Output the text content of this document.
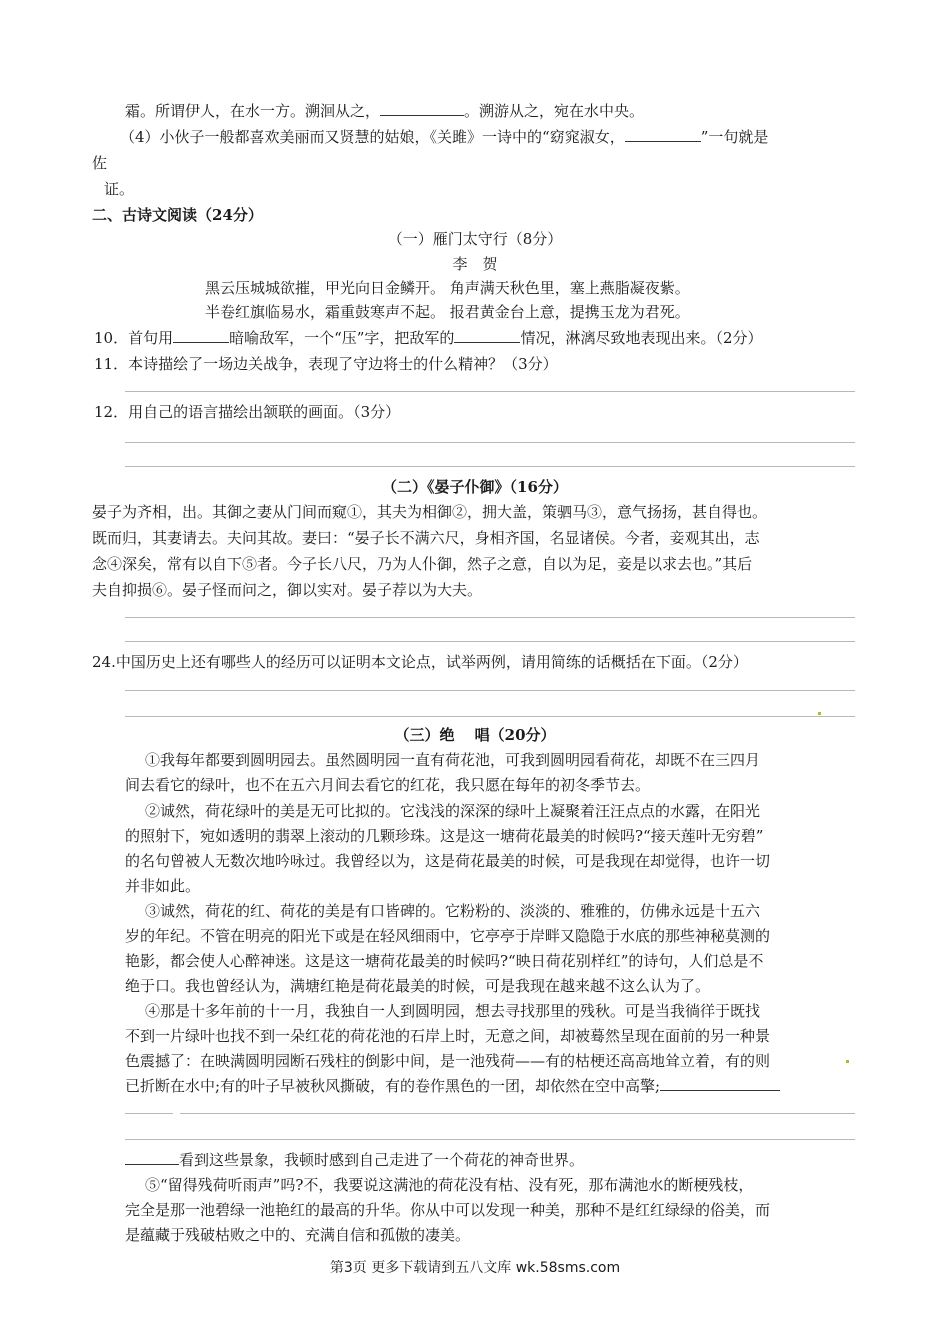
霜。所谓伊人，在水一方。溯洄从之，	。溯游从之，宛在水中央。
（4）小伙子一般都喜欢美丽而又贤慧的姑娘，《关雎》一诗中的“窈窕淑女，	”一句就是
佐
证。
二、古诗文阅读（24分）
（一）雁门太守行（8分）
李　贺
黑云压城城欲摧，甲光向日金鳞开。 角声满天秋色里，塞上燕脂凝夜紫。
半卷红旗临易水，霜重鼓寒声不起。 报君黄金台上意，提携玉龙为君死。
10．首句用	暗喻敌军，一个“压”字，把敌军的	情况，淋漓尽致地表现出来。（2分）
11．本诗描绘了一场边关战争，表现了守边将士的什么精神？（3分）
12．用自己的语言描绘出颔联的画面。（3分）
（二）《晏子仆御》（16分）
晏子为齐相，出。其御之妻从门间而窥①，其夫为相御②，拥大盖，策驷马③，意气扬扬，甚自得也。
既而归，其妻请去。夫问其故。妻曰：“晏子长不满六尺，身相齐国，名显诸侯。今者，妾观其出，志
念④深矣，常有以自下⑤者。今子长八尺，乃为人仆御，然子之意，自以为足，妾是以求去也。”其后
夫自抑损⑥。晏子怪而问之，御以实对。晏子荐以为大夫。
24.中国历史上还有哪些人的经历可以证明本文论点，试举两例，请用简练的话概括在下面。（2分）
（三）绝　 唱（20分）
①我每年都要到圆明园去。虽然圆明园一直有荷花池，可我到圆明园看荷花，却既不在三四月
间去看它的绿叶，也不在五六月间去看它的红花，我只愿在每年的初冬季节去。
②诚然，荷花绿叶的美是无可比拟的。它浅浅的深深的绿叶上凝聚着汪汪点点的水露，在阳光
的照射下，宛如透明的翡翠上滚动的几颗珍珠。这是这一塘荷花最美的时候吗?“接天莲叶无穷碧”
的名句曾被人无数次地吟咏过。我曾经以为，这是荷花最美的时候，可是我现在却觉得，也许一切
并非如此。
③诚然，荷花的红、荷花的美是有口皆碑的。它粉粉的、淡淡的、雅雅的，仿佛永远是十五六
岁的年纪。不管在明亮的阳光下或是在轻风细雨中，它亭亭于岸畔又隐隐于水底的那些神秘莫测的
艳影，都会使人心醉神迷。这是这一塘荷花最美的时候吗?“映日荷花别样红”的诗句，人们总是不
绝于口。我也曾经认为，满塘红艳是荷花最美的时候，可是我现在越来越不这么认为了。
④那是十多年前的十一月，我独自一人到圆明园，想去寻找那里的残秋。可是当我徜徉于既找
不到一片绿叶也找不到一朵红花的荷花池的石岸上时，无意之间，却被蓦然呈现在面前的另一种景
色震撼了：在映满圆明园断石残柱的倒影中间，是一池残荷——有的枯梗还高高地耸立着，有的则
已折断在水中;有的叶子早被秋风撕破，有的卷作黑色的一团，却依然在空中高擎;
看到这些景象，我顿时感到自己走进了一个荷花的神奇世界。
⑤“留得残荷听雨声”吗?不，我要说这满池的荷花没有枯、没有死，那布满池水的断梗残枝，
完全是那一池碧绿一池艳红的最高的升华。你从中可以发现一种美，那种不是红红绿绿的俗美，而
是蕴藏于残破枯败之中的、充满自信和孤傲的凄美。
第3页 更多下载请到五八文库 wk.58sms.com
